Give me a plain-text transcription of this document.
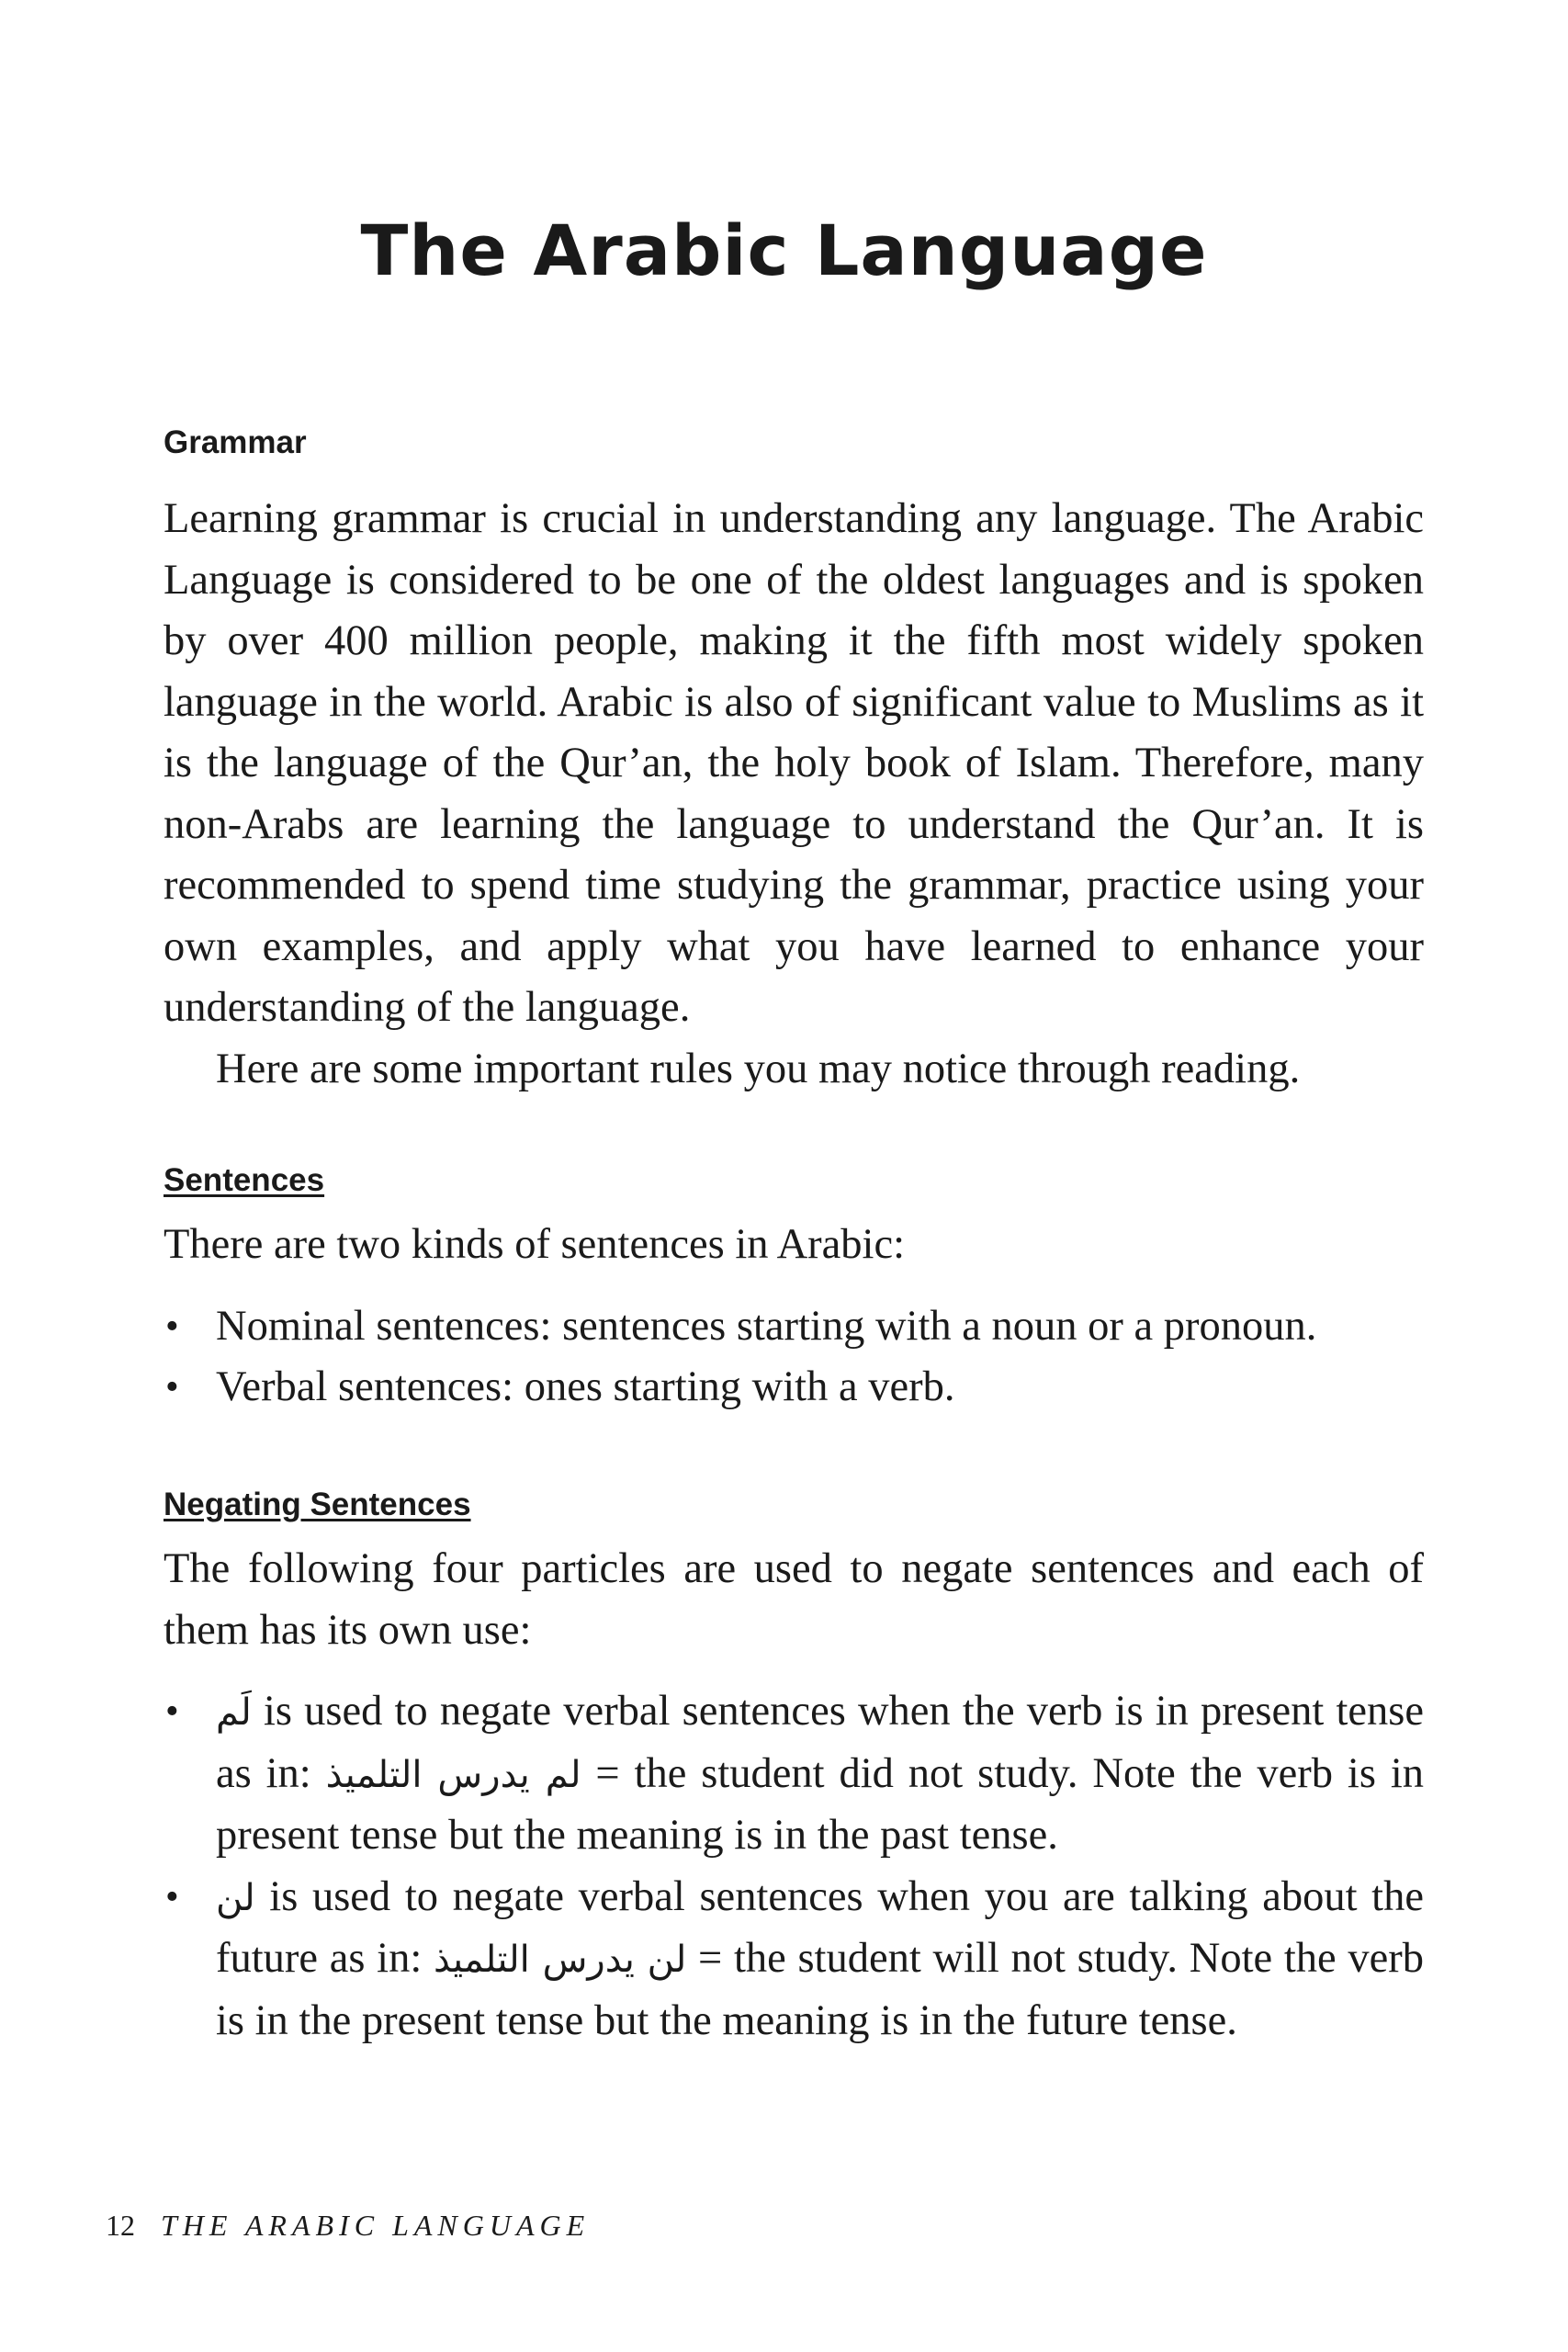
The Arabic Language
Grammar

Learning grammar is crucial in understanding any language. The Arabic Language is considered to be one of the oldest languages and is spoken by over 400 million people, making it the fifth most widely spoken language in the world. Arabic is also of significant value to Muslims as it is the language of the Qur’an, the holy book of Islam. Therefore, many non-Arabs are learning the language to understand the Qur’an. It is recommended to spend time studying the grammar, practice using your own examples, and apply what you have learned to enhance your understanding of the language.

Here are some important rules you may notice through reading.

Sentences

There are two kinds of sentences in Arabic:

• Nominal sentences: sentences starting with a noun or a pronoun.
• Verbal sentences: ones starting with a verb.
Negating Sentences

The following four particles are used to negate sentences and each of them has its own use:

• لَم is used to negate verbal sentences when the verb is in present tense as in: لم يدرس التلميذ = the student did not study. Note the verb is in present tense but the meaning is in the past tense.
• لن is used to negate verbal sentences when you are talking about the future as in: لن يدرس التلميذ = the student will not study. Note the verb is in the present tense but the meaning is in the future tense.
12 THE ARABIC LANGUAGE
